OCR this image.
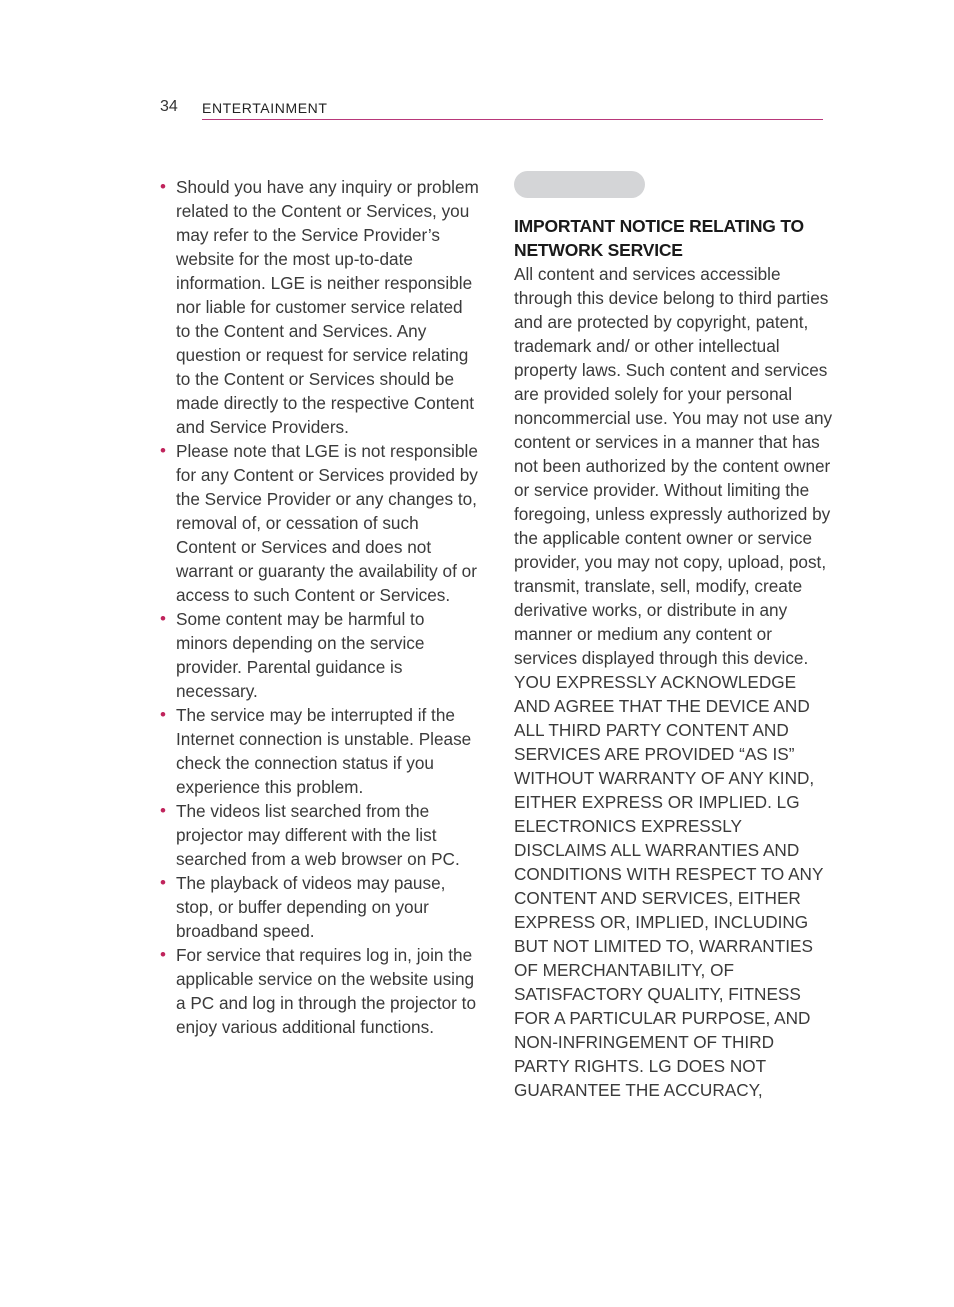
34 ENTERTAINMENT
• Should you have any inquiry or problem related to the Content or Services, you may refer to the Service Provider’s website for the most up-to-date information. LGE is neither responsible nor liable for customer service related to the Content and Services. Any question or request for service relating to the Content or Services should be made directly to the respective Content and Service Providers.
• Please note that LGE is not responsible for any Content or Services provided by the Service Provider or any changes to, removal of, or cessation of such Content or Services and does not warrant or guaranty the availability of or access to such Content or Services.
• Some content may be harmful to minors depending on the service provider. Parental guidance is necessary.
• The service may be interrupted if the Internet connection is unstable. Please check the connection status if you experience this problem.
• The videos list searched from the projector may different with the list searched from a web browser on PC.
• The playback of videos may pause, stop, or buffer depending on your broadband speed.
• For service that requires log in, join the applicable service on the website using a PC and log in through the projector to enjoy various additional functions.
IMPORTANT NOTICE RELATING TO NETWORK SERVICE

All content and services accessible through this device belong to third parties and are protected by copyright, patent, trademark and/ or other intellectual property laws. Such content and services are provided solely for your personal noncommercial use. You may not use any content or services in a manner that has not been authorized by the content owner or service provider. Without limiting the foregoing, unless expressly authorized by the applicable content owner or service provider, you may not copy, upload, post, transmit, translate, sell, modify, create derivative works, or distribute in any manner or medium any content or services displayed through this device. YOU EXPRESSLY ACKNOWLEDGE AND AGREE THAT THE DEVICE AND ALL THIRD PARTY CONTENT AND SERVICES ARE PROVIDED “AS IS” WITHOUT WARRANTY OF ANY KIND, EITHER EXPRESS OR IMPLIED. LG ELECTRONICS EXPRESSLY DISCLAIMS ALL WARRANTIES AND CONDITIONS WITH RESPECT TO ANY CONTENT AND SERVICES, EITHER EXPRESS OR, IMPLIED, INCLUDING BUT NOT LIMITED TO, WARRANTIES OF MERCHANTABILITY, OF SATISFACTORY QUALITY, FITNESS FOR A PARTICULAR PURPOSE, AND NON-INFRINGEMENT OF THIRD PARTY RIGHTS. LG DOES NOT GUARANTEE THE ACCURACY,
